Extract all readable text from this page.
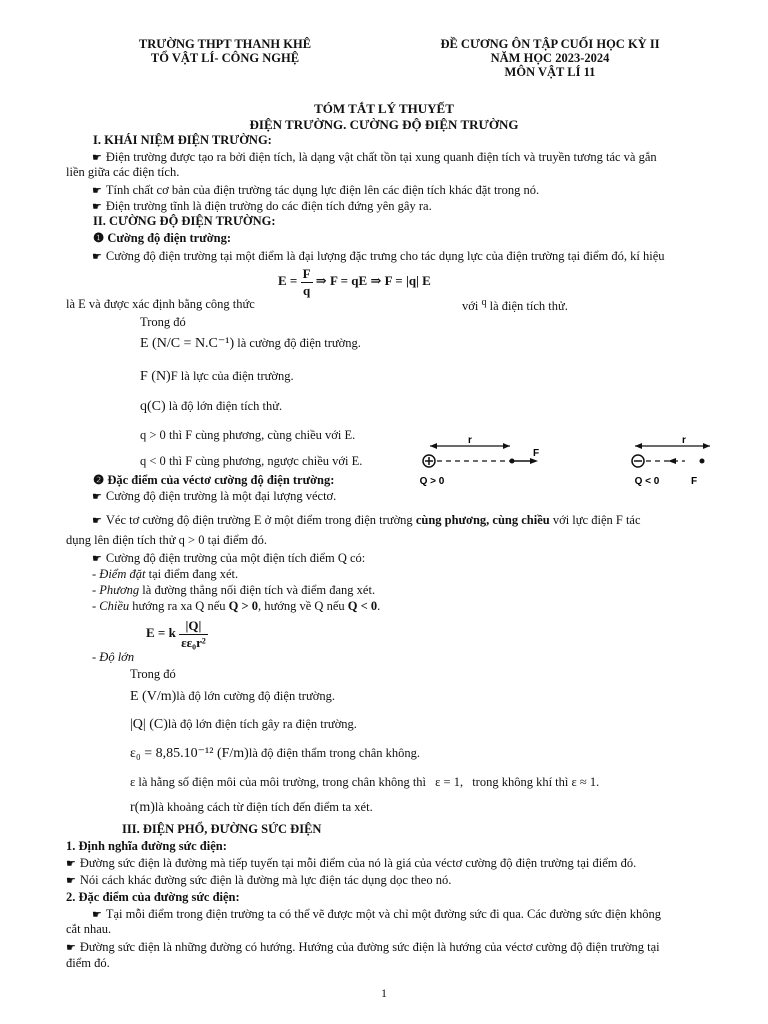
TRƯỜNG THPT THANH KHÊ
TỔ VẬT LÍ- CÔNG NGHỆ
ĐỀ CƯƠNG ÔN TẬP CUỐI HỌC KỲ II
NĂM HỌC 2023-2024
MÔN VẬT LÍ 11
TÓM TẮT LÝ THUYẾT
ĐIỆN TRƯỜNG. CƯỜNG ĐỘ ĐIỆN TRƯỜNG
I. KHÁI NIỆM ĐIỆN TRƯỜNG:
☛ Điện trường được tạo ra bởi điện tích, là dạng vật chất tồn tại xung quanh điện tích và truyền tương tác và gắn
liền giữa các điện tích.
☛ Tính chất cơ bản của điện trường tác dụng lực điện lên các điện tích khác đặt trong nó.
☛ Điện trường tĩnh là điện trường do các điện tích đứng yên gây ra.
II. CƯỜNG ĐỘ ĐIỆN TRƯỜNG:
❶ Cường độ điện trường:
☛ Cường độ điện trường tại một điểm là đại lượng đặc trưng cho tác dụng lực của điện trường tại điểm đó, kí hiệu
$E = \frac{F}{q}$ ⇒ F = qE ⇒ F = |q| E
là E và được xác định bằng công thức	với $^q$ là điện tích thử.
Trong đó
E (N/C = N.C⁻¹) là cường độ điện trường.
F (N)F là lực của điện trường.
q(C) là độ lớn điện tích thử.
q > 0 thì F cùng phương, cùng chiều với E.
q < 0 thì F cùng phương, ngược chiều với E.
r
F
Q > 0
r
F
Q < 0
❷ Đặc điểm của véctơ cường độ điện trường:
☛ Cường độ điện trường là một đại lượng véctơ.
☛ Véc tơ cường độ điện trường E ở một điểm trong điện trường cùng phương, cùng chiều với lực điện F tác
dụng lên điện tích thử q > 0 tại điểm đó.
☛ Cường độ điện trường của một điện tích điểm Q có:
- Điểm đặt tại điểm đang xét.
- Phương là đường thẳng nối điện tích và điểm đang xét.
- Chiều hướng ra xa Q nếu Q > 0, hướng về Q nếu Q < 0.
E = k $\frac{|Q|}{\text{εε₀r²}}$
- Độ lớn
Trong đó
E (V/m)là độ lớn cường độ điện trường.
|Q| (C)là độ lớn điện tích gây ra điện trường.
ε₀ = 8,85.10⁻¹² (F/m)là độ điện thẩm trong chân không.
ε là hằng số điện môi của môi trường, trong chân không thì ε = 1, trong không khí thì ε ≈ 1.
r(m)là khoảng cách từ điện tích đến điểm ta xét.
III. ĐIỆN PHỔ, ĐƯỜNG SỨC ĐIỆN
1. Định nghĩa đường sức điện:
☛ Đường sức điện là đường mà tiếp tuyến tại mỗi điểm của nó là giá của véctơ cường độ điện trường tại điểm đó.
☛ Nói cách khác đường sức điện là đường mà lực điện tác dụng dọc theo nó.
2. Đặc điểm của đường sức điện:
☛ Tại mỗi điểm trong điện trường ta có thể vẽ được một và chỉ một đường sức đi qua. Các đường sức điện không
cắt nhau.
☛ Đường sức điện là những đường có hướng. Hướng của đường sức điện là hướng của véctơ cường độ điện trường tại
điểm đó.
1
